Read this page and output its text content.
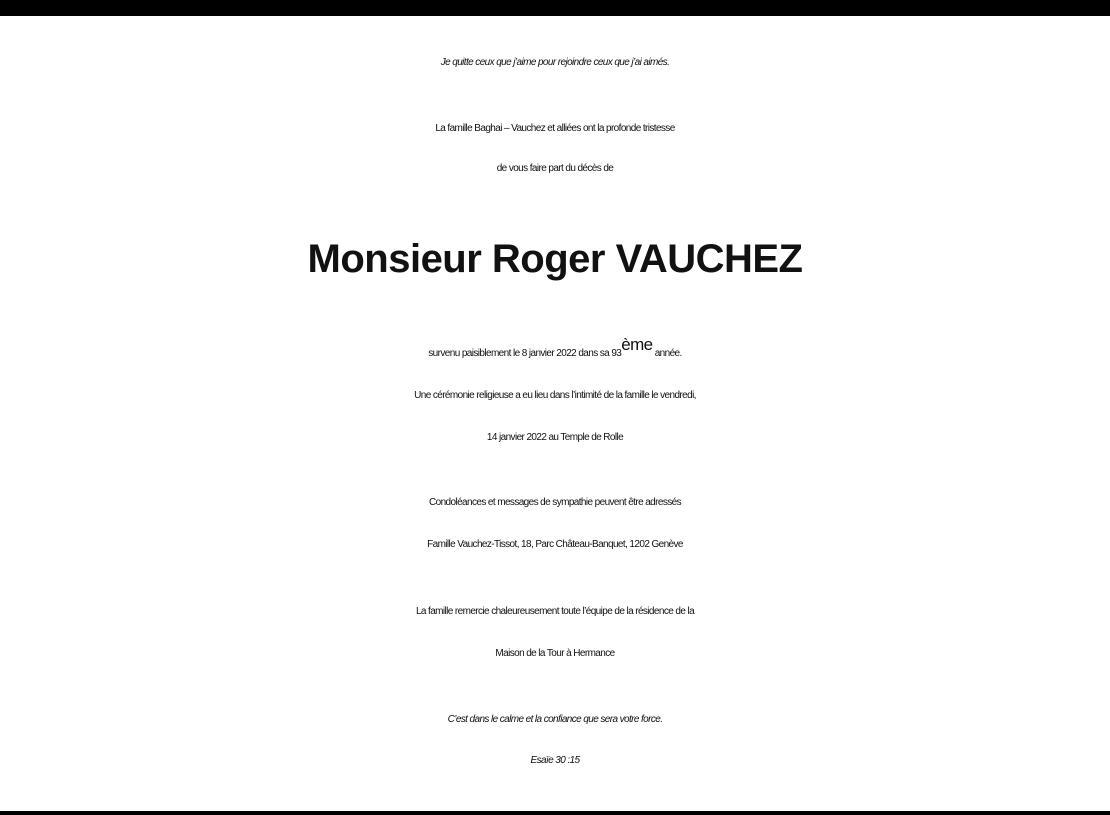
Je quitte ceux que j’aime pour rejoindre ceux que j’ai aimés.
La famille Baghai – Vauchez et alliées ont la profonde tristesse
de vous faire part du décès de
Monsieur Roger VAUCHEZ
survenu paisiblement le 8 janvier 2022 dans sa 93ème année.
Une cérémonie religieuse a eu lieu dans l’intimité de la famille le vendredi,
14 janvier 2022 au Temple de Rolle
Condoléances et messages de sympathie peuvent être adressés
Famille Vauchez-Tissot, 18, Parc Château-Banquet, 1202 Genève
La famille remercie chaleureusement toute l’équipe de la résidence de la
Maison de la Tour à Hermance
C’est dans le calme et la confiance que sera votre force.
Esaïe 30 :15
